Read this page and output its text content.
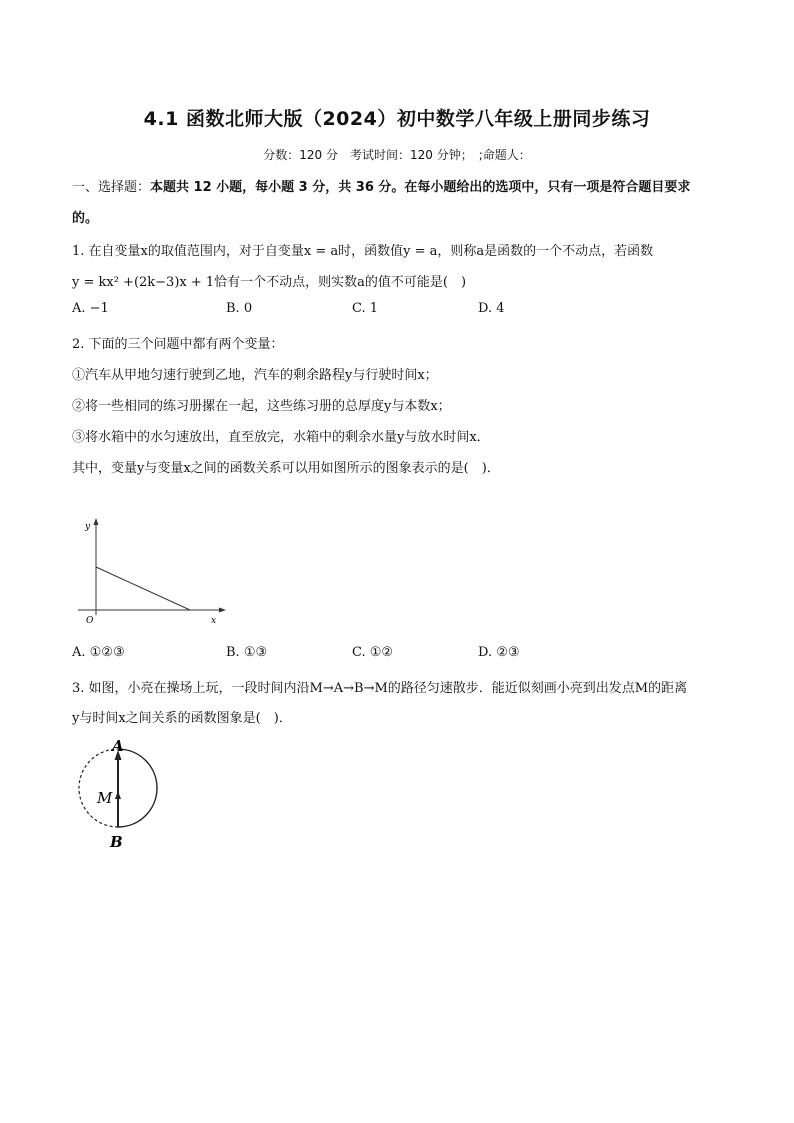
4.1 函数北师大版（2024）初中数学八年级上册同步练习
分数：120 分　考试时间：120 分钟；　;命题人：
一、选择题：本题共 12 小题，每小题 3 分，共 36 分。在每小题给出的选项中，只有一项是符合题目要求
的。
1. 在自变量x的取值范围内，对于自变量x = a时，函数值y = a，则称a是函数的一个不动点，若函数
y = kx² +(2k−3)x + 1恰有一个不动点，则实数a的值不可能是(　)
A. −1	B. 0	C. 1	D. 4
2. 下面的三个问题中都有两个变量：
①汽车从甲地匀速行驶到乙地，汽车的剩余路程y与行驶时间x；
②将一些相同的练习册摞在一起，这些练习册的总厚度y与本数x；
③将水箱中的水匀速放出，直至放完，水箱中的剩余水量y与放水时间x．
其中，变量y与变量x之间的函数关系可以用如图所示的图象表示的是(　)．
y
x
O
A. ①②③	B. ①③	C. ①②	D. ②③
3. 如图，小亮在操场上玩，一段时间内沿M→A→B→M的路径匀速散步．能近似刻画小亮到出发点M的距离
y与时间x之间关系的函数图象是(　)．
A
M
B
